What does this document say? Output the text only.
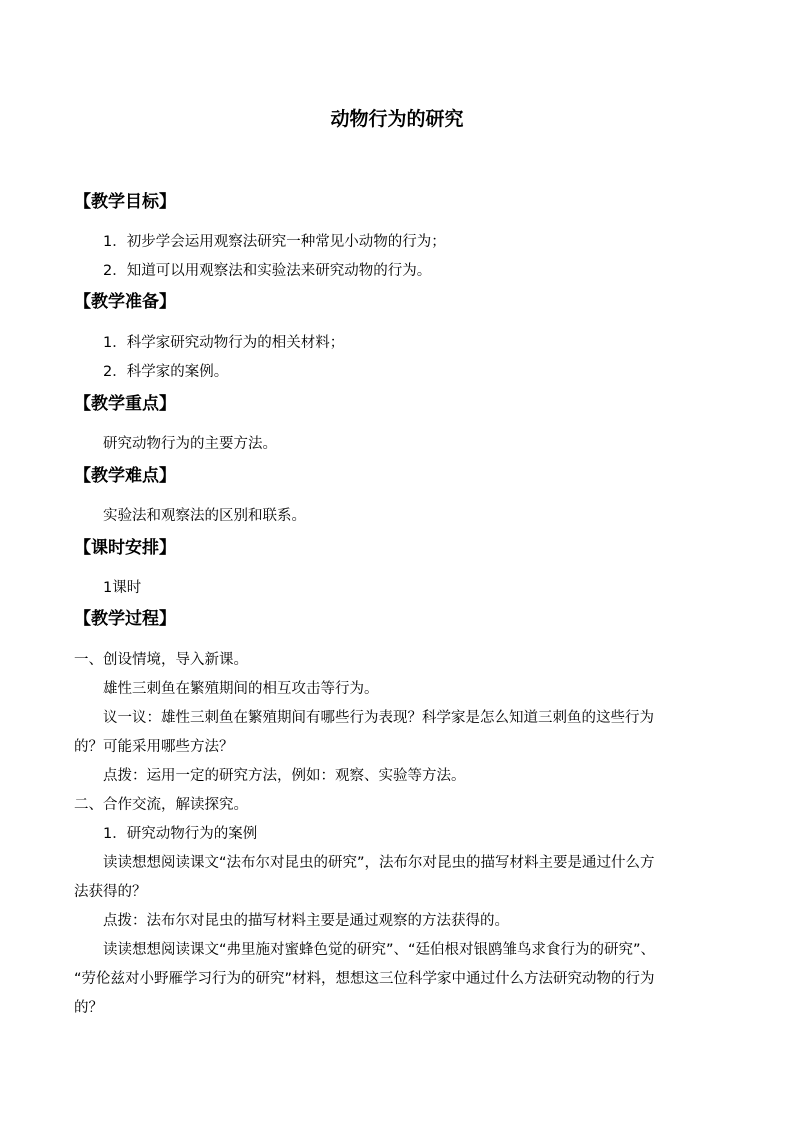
动物行为的研究
【教学目标】
1．初步学会运用观察法研究一种常见小动物的行为；
2．知道可以用观察法和实验法来研究动物的行为。
【教学准备】
1．科学家研究动物行为的相关材料；
2．科学家的案例。
【教学重点】
研究动物行为的主要方法。
【教学难点】
实验法和观察法的区别和联系。
【课时安排】
1课时
【教学过程】
一、创设情境，导入新课。
雄性三刺鱼在繁殖期间的相互攻击等行为。
议一议：雄性三刺鱼在繁殖期间有哪些行为表现？科学家是怎么知道三刺鱼的这些行为
的？可能采用哪些方法？
点拨：运用一定的研究方法，例如：观察、实验等方法。
二、合作交流，解读探究。
1．研究动物行为的案例
读读想想阅读课文“法布尔对昆虫的研究”，法布尔对昆虫的描写材料主要是通过什么方
法获得的？
点拨：法布尔对昆虫的描写材料主要是通过观察的方法获得的。
读读想想阅读课文“弗里施对蜜蜂色觉的研究”、“廷伯根对银鸥雏鸟求食行为的研究”、
“劳伦兹对小野雁学习行为的研究”材料，想想这三位科学家中通过什么方法研究动物的行为
的？
